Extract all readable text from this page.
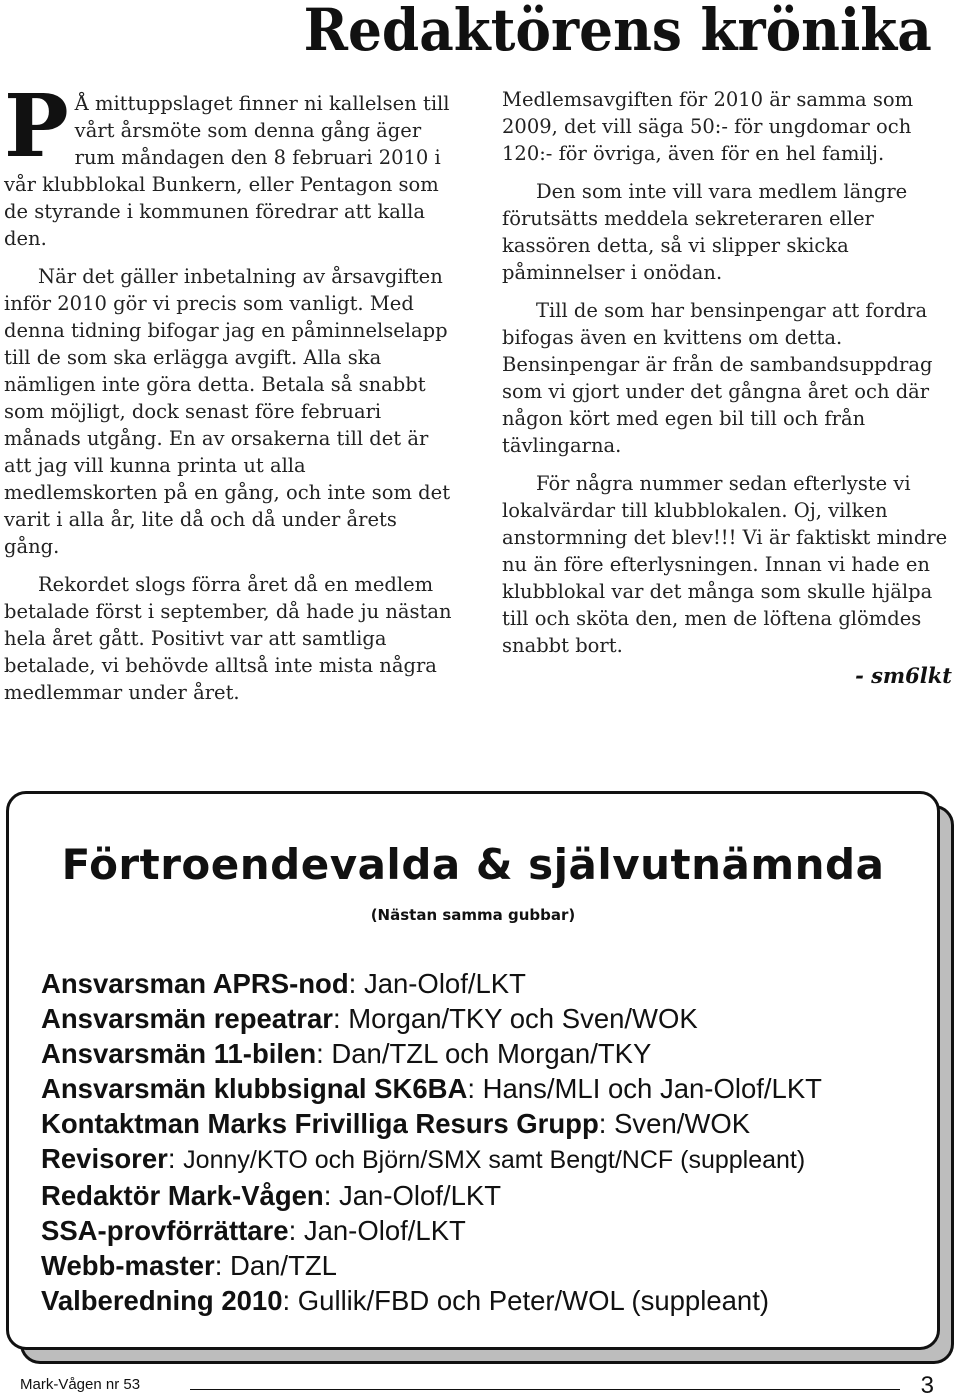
Redaktörens krönika

P Å mittuppslaget finner ni kallelsen till vårt årsmöte som denna gång äger rum måndagen den 8 februari 2010 i vår klubblokal Bunkern, eller Pentagon som de styrande i kommunen föredrar att kalla den.

När det gäller inbetalning av årsavgiften inför 2010 gör vi precis som vanligt. Med denna tidning bifogar jag en påminnelselapp till de som ska erlägga avgift. Alla ska nämligen inte göra detta. Betala så snabbt som möjligt, dock senast före februari månads utgång. En av orsakerna till det är att jag vill kunna printa ut alla medlemskorten på en gång, och inte som det varit i alla år, lite då och då under årets gång.

Rekordet slogs förra året då en medlem betalade först i september, då hade ju nästan hela året gått. Positivt var att samtliga betalade, vi behövde alltså inte mista några medlemmar under året.

Medlemsavgiften för 2010 är samma som 2009, det vill säga 50:- för ungdomar och 120:- för övriga, även för en hel familj.

Den som inte vill vara medlem längre förutsätts meddela sekreteraren eller kassören detta, så vi slipper skicka påminnelser i onödan.

Till de som har bensinpengar att fordra bifogas även en kvittens om detta. Bensinpengar är från de sambandsuppdrag som vi gjort under det gångna året och där någon kört med egen bil till och från tävlingarna.

För några nummer sedan efterlyste vi lokalvärdar till klubblokalen. Oj, vilken anstormning det blev!!! Vi är faktiskt mindre nu än före efterlysningen. Innan vi hade en klubblokal var det många som skulle hjälpa till och sköta den, men de löftena glömdes snabbt bort.

- sm6lkt
Förtroendevalda & självutnämnda
(Nästan samma gubbar)
Ansvarsman APRS-nod: Jan-Olof/LKT
Ansvarsmän repeatrar: Morgan/TKY och Sven/WOK
Ansvarsmän 11-bilen: Dan/TZL och Morgan/TKY
Ansvarsmän klubbsignal SK6BA: Hans/MLI och Jan-Olof/LKT
Kontaktman Marks Frivilliga Resurs Grupp: Sven/WOK
Revisorer: Jonny/KTO och Björn/SMX samt Bengt/NCF (suppleant)
Redaktör Mark-Vågen: Jan-Olof/LKT
SSA-provförrättare: Jan-Olof/LKT
Webb-master: Dan/TZL
Valberedning 2010: Gullik/FBD och Peter/WOL (suppleant)
Mark-Vågen nr 53	3
